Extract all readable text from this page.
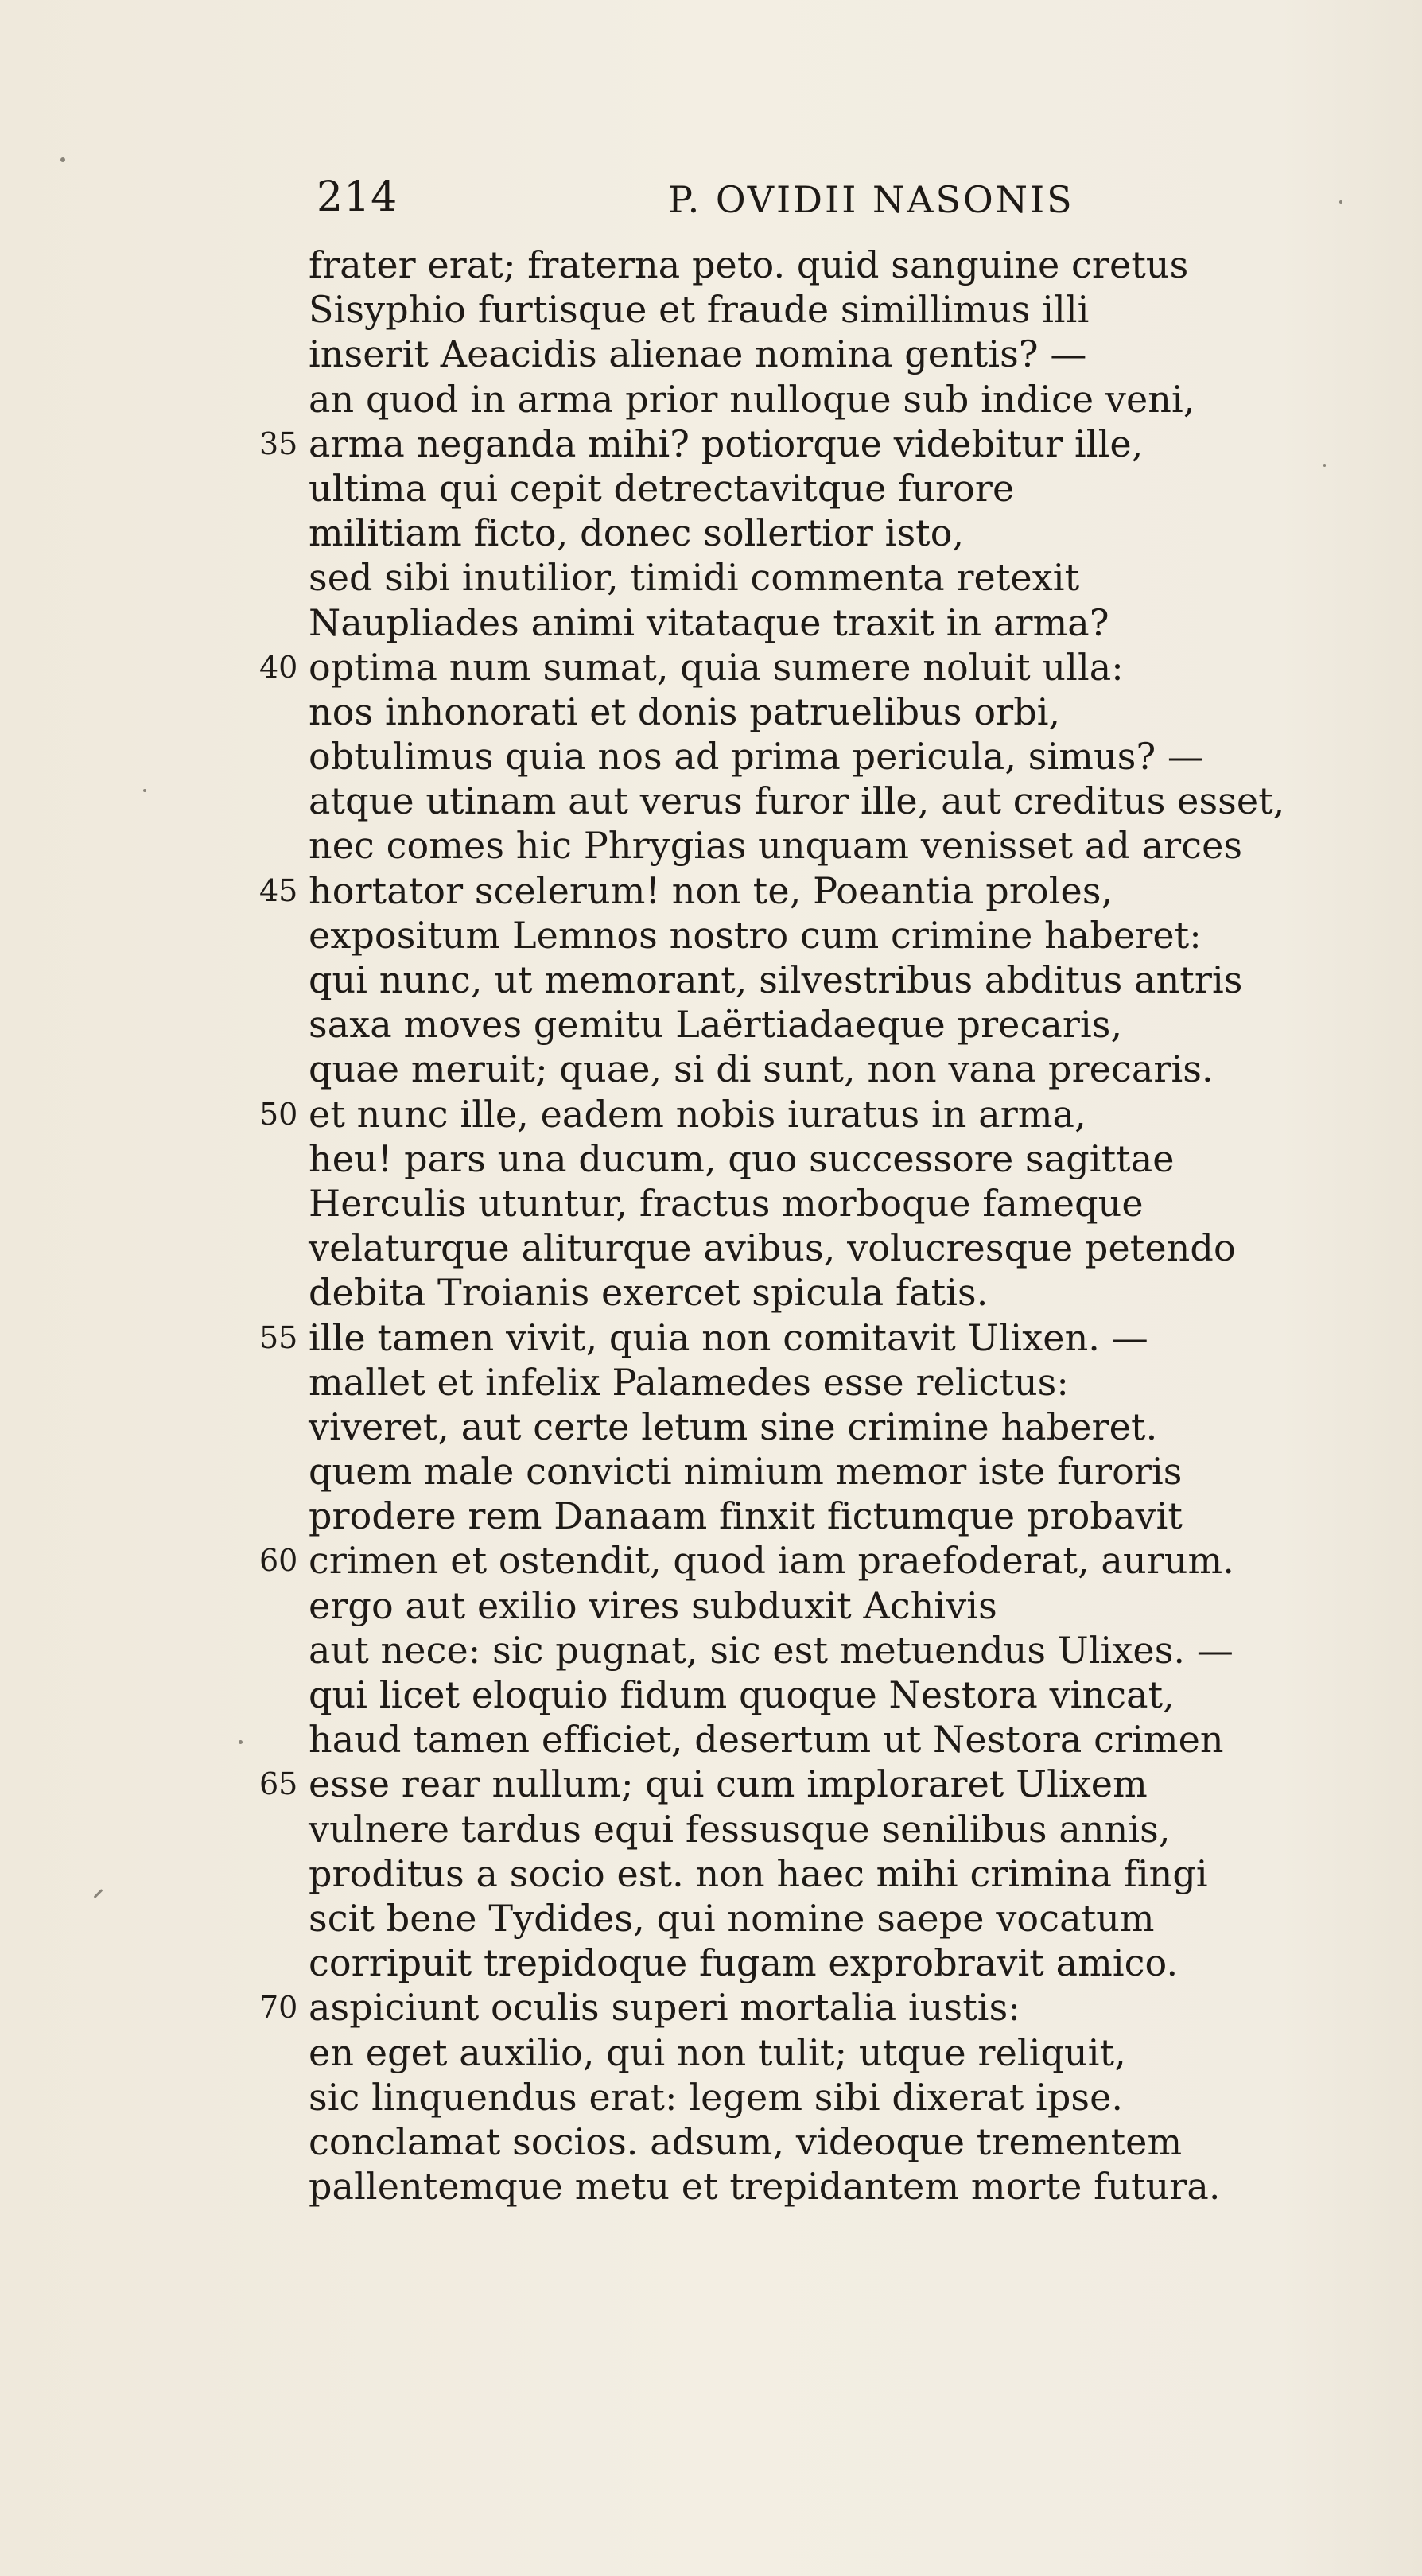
214	P. OVIDII NASONIS
frater erat; fraterna peto. quid sanguine cretus
Sisyphio furtisque et fraude simillimus illi
inserit Aeacidis alienae nomina gentis? —
an quod in arma prior nulloque sub indice veni,
35 arma neganda mihi? potiorque videbitur ille,
ultima qui cepit detrectavitque furore
militiam ficto, donec sollertior isto,
sed sibi inutilior, timidi commenta retexit
Naupliades animi vitataque traxit in arma?
40 optima num sumat, quia sumere noluit ulla:
nos inhonorati et donis patruelibus orbi,
obtulimus quia nos ad prima pericula, simus? —
atque utinam aut verus furor ille, aut creditus esset,
nec comes hic Phrygias unquam venisset ad arces
45 hortator scelerum! non te, Poeantia proles,
expositum Lemnos nostro cum crimine haberet:
qui nunc, ut memorant, silvestribus abditus antris
saxa moves gemitu Laërtiadaeque precaris,
quae meruit; quae, si di sunt, non vana precaris.
50 et nunc ille, eadem nobis iuratus in arma,
heu! pars una ducum, quo successore sagittae
Herculis utuntur, fractus morboque fameque
velaturque aliturque avibus, volucresque petendo
debita Troianis exercet spicula fatis.
55 ille tamen vivit, quia non comitavit Ulixen. —
mallet et infelix Palamedes esse relictus:
viveret, aut certe letum sine crimine haberet.
quem male convicti nimium memor iste furoris
prodere rem Danaam finxit fictumque probavit
60 crimen et ostendit, quod iam praefoderat, aurum.
ergo aut exilio vires subduxit Achivis
aut nece: sic pugnat, sic est metuendus Ulixes. —
qui licet eloquio fidum quoque Nestora vincat,
haud tamen efficiet, desertum ut Nestora crimen
65 esse rear nullum; qui cum imploraret Ulixem
vulnere tardus equi fessusque senilibus annis,
proditus a socio est. non haec mihi crimina fingi
scit bene Tydides, qui nomine saepe vocatum
corripuit trepidoque fugam exprobravit amico.
70 aspiciunt oculis superi mortalia iustis:
en eget auxilio, qui non tulit; utque reliquit,
sic linquendus erat: legem sibi dixerat ipse.
conclamat socios. adsum, videoque trementem
pallentemque metu et trepidantem morte futura.
